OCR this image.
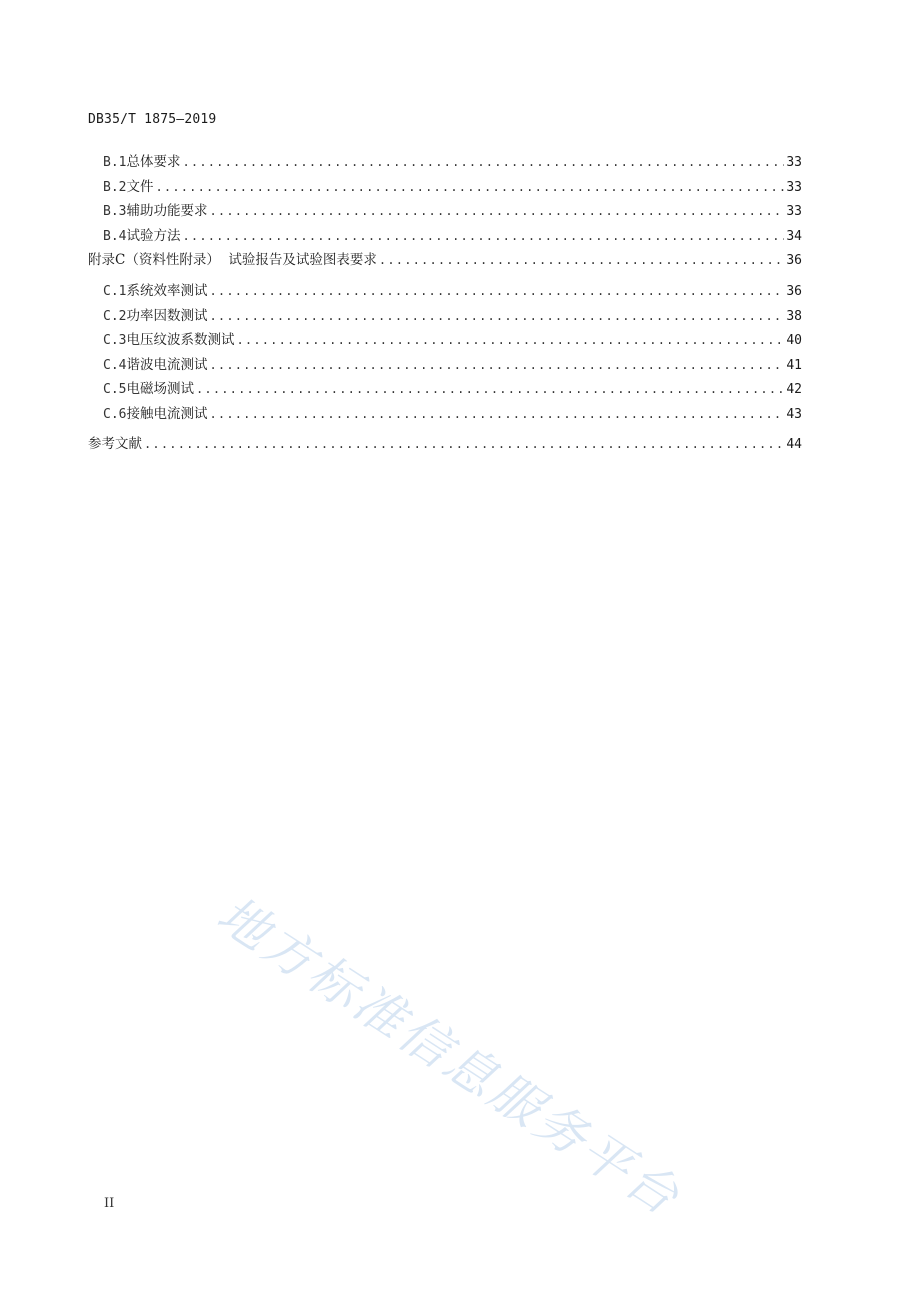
DB35/T 1875—2019
B.1 总体要求 .....	33
B.2 文件 .....	33
B.3 辅助功能要求 .....	33
B.4 试验方法 .....	34
附录C（资料性附录）  试验报告及试验图表要求 .....	36
C.1 系统效率测试 .....	36
C.2 功率因数测试 .....	38
C.3 电压纹波系数测试 .....	40
C.4 谐波电流测试 .....	41
C.5 电磁场测试 .....	42
C.6 接触电流测试 .....	43
参考文献 .....	44
地方标准信息服务平台
II
